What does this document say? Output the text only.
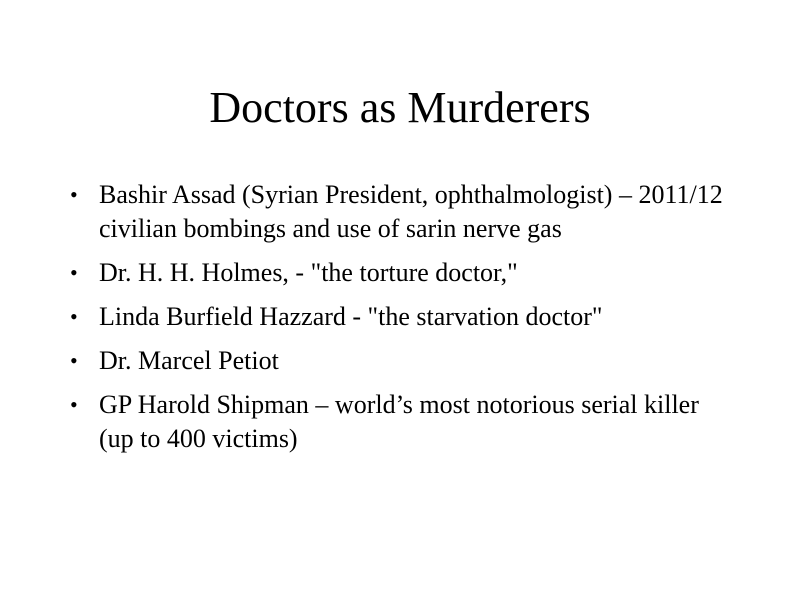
Doctors as Murderers
• Bashir Assad (Syrian President, ophthalmologist) – 2011/12 civilian bombings and use of sarin nerve gas
• Dr. H. H. Holmes, - "the torture doctor,"
• Linda Burfield Hazzard - "the starvation doctor"
• Dr. Marcel Petiot
• GP Harold Shipman – world’s most notorious serial killer (up to 400 victims)
